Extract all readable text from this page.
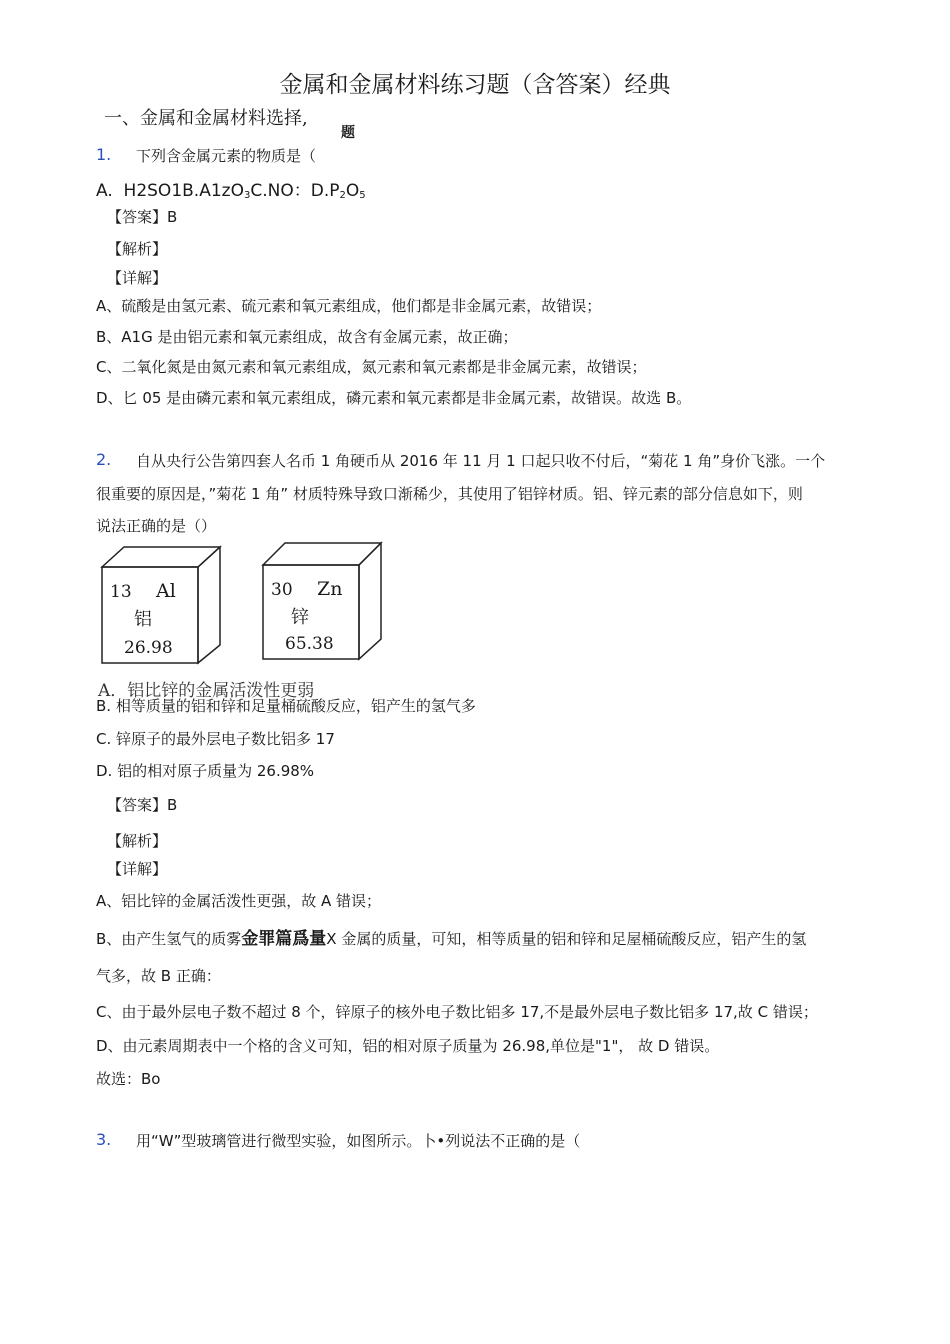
金属和金属材料练习题（含答案）经典
一、金属和金属材料选择,
题
1. 下列含金属元素的物质是（
A. $H2SO1B.A1zO_3C.NO$：$D.P_2O_5$
【答案】B
【解析】
【详解】
A、硫酸是由氢元素、硫元素和氧元素组成，他们都是非金属元素，故错误；
B、A1G 是由铝元素和氧元素组成，故含有金属元素，故正确；
C、二氧化氮是由氮元素和氧元素组成，氮元素和氧元素都是非金属元素，故错误；
D、匕 05 是由磷元素和氧元素组成，磷元素和氧元素都是非金属元素，故错误。故选 B。
2. 自从央行公告第四套人名币 1 角硬币从 2016 年 11 月 1 口起只收不付后，“菊花 1 角”身价飞涨。一个
很重要的原因是，”菊花 1 角” 材质特殊导致口渐稀少，其使用了铝锌材质。铝、锌元素的部分信息如下，则
说法正确的是（）
13 Al
铝
26.98
30 Zn
锌
65.38
A．铝比锌的金属活泼性更弱
B. 相等质量的铝和锌和足量桶硫酸反应，铝产生的氢气多
C. 锌原子的最外层电子数比铝多 17
D. 铝的相对原子质量为 26.98%
【答案】B
【解析】
【详解】
A、铝比锌的金属活泼性更强，故 A 错误；
B、由产生氢气的质雾金罪篇爲量X 金属的质量，可知，相等质量的铝和锌和足屋桶硫酸反应，铝产生的氢
气多，故 B 正确：
C、由于最外层电子数不超过 8 个，锌原子的核外电子数比铝多 17,不是最外层电子数比铝多 17,故 C 错误；
D、由元素周期表中一个格的含义可知，铝的相对原子质量为 26.98,单位是"1"， 故 D 错误。
故选：Bo
3. 用“W”型玻璃管进行微型实验，如图所示。卜•列说法不正确的是（
